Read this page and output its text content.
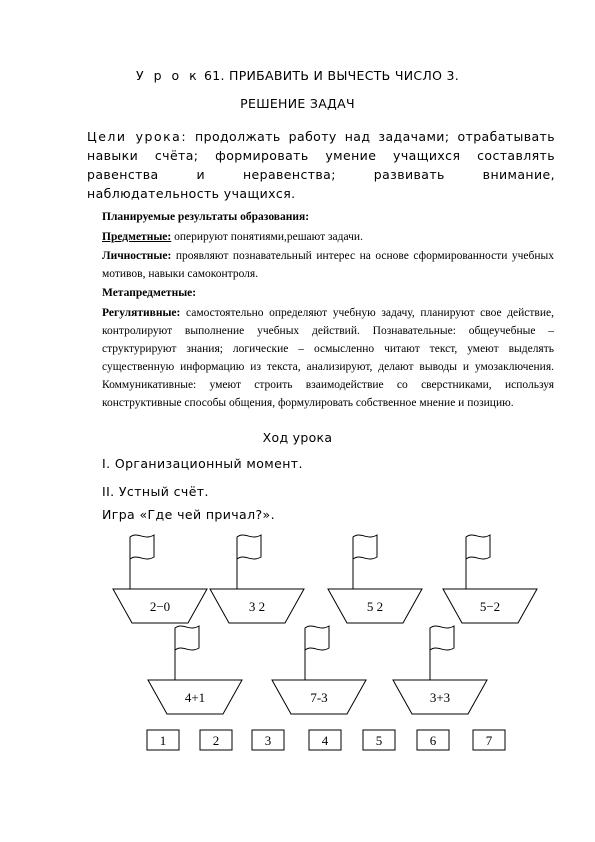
У р о к 61. ПРИБАВИТЬ И ВЫЧЕСТЬ ЧИСЛО 3.
РЕШЕНИЕ ЗАДАЧ
Цели урока: продолжать работу над задачами; отрабатывать навыки счёта; формировать умение учащихся составлять равенства и неравенства; развивать внимание, наблюдательность учащихся.
Планируемые результаты образования:
Предметные: оперируют понятиями,решают задачи.
Личностные: проявляют познавательный интерес на основе сформированности учебных мотивов, навыки самоконтроля.
Метапредметные:
Регулятивные: самостоятельно определяют учебную задачу, планируют свое действие, контролируют выполнение учебных действий. Познавательные: общеучебные – структурируют знания; логические – осмысленно читают текст, умеют выделять существенную информацию из текста, анализируют, делают выводы и умозаключения. Коммуникативные: умеют строить взаимодействие со сверстниками, используя конструктивные способы общения, формулировать собственное мнение и позицию.
Ход урока
I. Организационный момент.
II. Устный счёт.
Игра «Где чей причал?».
2−0	3 2	5 2	5−2
4+1	7-3	3+3
1	2	3	4	5	6	7
